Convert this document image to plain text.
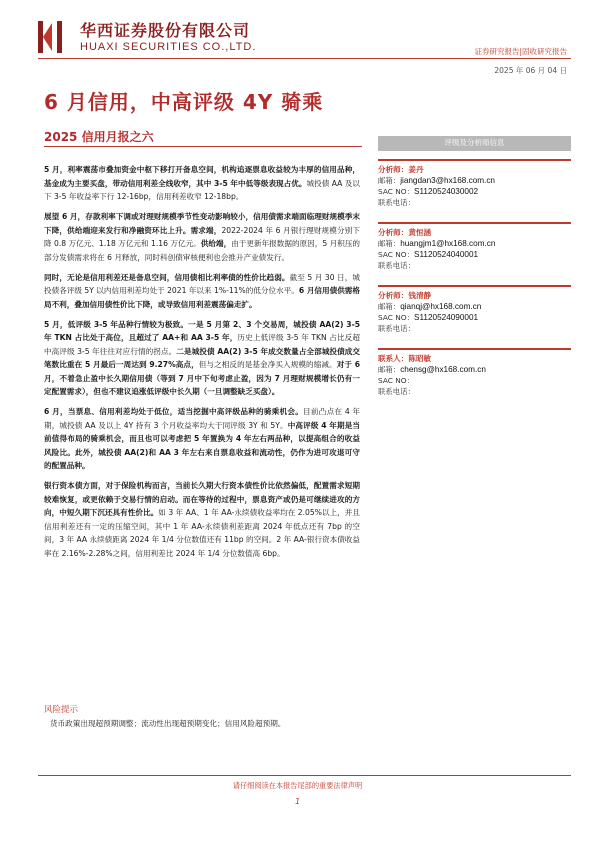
华西证券股份有限公司
HUAXI SECURITIES CO.,LTD.	证券研究报告|固收研究报告
2025 年 06 月 04 日
6 月信用，中高评级 4Y 骑乘
2025 信用月报之六

5 月，利率震荡市叠加资金中枢下移打开备息空间，机构追逐票息收益较为丰厚的信用品种，基金成为主要买盘，带动信用利差全线收窄，其中 3-5 年中低等级表现占优。城投债 AA 及以下 3-5 年收益率下行 12-16bp，信用利差收窄 12-18bp。

展望 6 月，存款利率下调或对理财规模季节性变动影响较小，信用债需求端面临理财规模季末下降，供给端迎来发行和净融资环比上升。需求端，2022-2024 年 6 月银行理财规模分别下降 0.8 万亿元、1.18 万亿元和 1.16 万亿元。供给端，由于更新年报数据的原因，5 月积压的部分发债需求将在 6 月释放，同时科创债审核便利也会推升产业债发行。

同时，无论是信用利差还是备息空间，信用债相比利率债的性价比趋弱。截至 5 月 30 日，城投债各评级 5Y 以内信用利差均处于 2021 年以来 1%-11%的低分位水平。6 月信用债供需格局不利，叠加信用债性价比下降，或导致信用利差震荡偏走扩。

5 月，低评级 3-5 年品种行情较为极致。一是 5 月第 2、3 个交易周，城投债 AA(2) 3-5 年 TKN 占比处于高位，且超过了 AA+和 AA 3-5 年，历史上低评级 3-5 年 TKN 占比反超中高评级 3-5 年往往对应行情的拐点。二是城投债 AA(2) 3-5 年成交数量占全部城投债成交笔数比重在 5 月最后一周达到 9.27%高点，但与之相反的是基金净买入规模的缩减。对于 6 月，不着急止盈中长久期信用债（等到 7 月中下旬考虑止盈，因为 7 月理财规模增长仍有一定配置需求），但也不建议追涨低评级中长久期（一旦调整缺乏买盘）。

6 月，当票息、信用利差均处于低位，适当挖掘中高评级品种的骑乘机会。目前凸点在 4 年期，城投债 AA 及以上 4Y 持有 3 个月收益率均大于同评级 3Y 和 5Y。中高评级 4 年期是当前值得布局的骑乘机会，而且也可以考虑把 5 年置换为 4 年左右两品种，以提高组合的收益风险比。此外，城投债 AA(2)和 AA 3 年左右来自票息收益和流动性，仍作为进可攻退可守的配置品种。

银行资本债方面，对于保险机构而言，当前长久期大行资本债性价比依然偏低，配置需求短期较难恢复，或更依赖于交易行情的启动。而在等待的过程中，票息资产或仍是可继续进攻的方向，中短久期下沉还具有性价比。如 3 年 AA、1 年 AA-永续债收益率均在 2.05%以上，并且信用利差还有一定的压缩空间，其中 1 年 AA-永续债利差距离 2024 年低点还有 7bp 的空间，3 年 AA 永续债距离 2024 年 1/4 分位数值还有 11bp 的空间。2 年 AA-银行资本债收益率在 2.16%-2.28%之间，信用利差比 2024 年 1/4 分位数值高 6bp。

风险提示
货币政策出现超预期调整；流动性出现超预期变化；信用风险超预期。
评级及分析师信息
分析师：姜丹
邮箱：jiangdan3@hx168.com.cn
SAC NO：S1120524030002
联系电话：
分析师：黄恒涵
邮箱：huangjm1@hx168.com.cn
SAC NO：S1120524040001
联系电话：
分析师：钱清静
邮箱：qianqj@hx168.com.cn
SAC NO：S1120524090001
联系电话：
联系人：陈昭敏
邮箱：chensg@hx168.com.cn
SAC NO：
联系电话：
请仔细阅读在本报告尾部的重要法律声明
1
